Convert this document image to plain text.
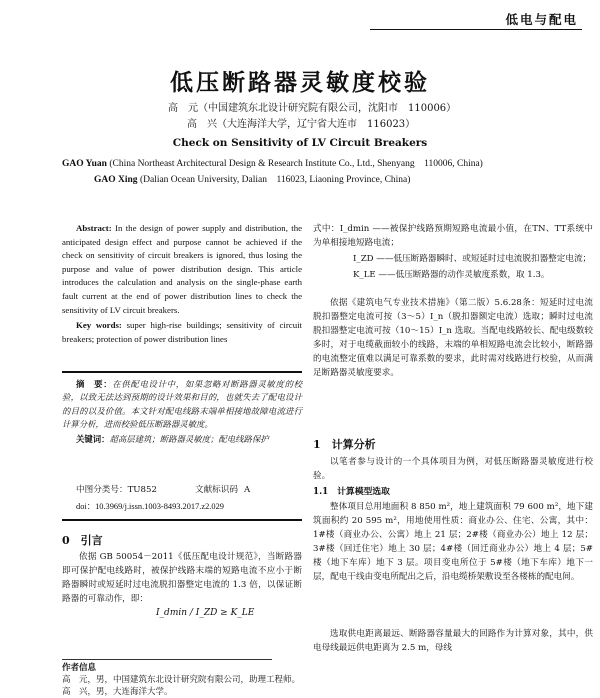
低电与配电
低压断路器灵敏度校验
高　元（中国建筑东北设计研究院有限公司，沈阳市　110006）
高　兴（大连海洋大学，辽宁省大连市　116023）
Check on Sensitivity of LV Circuit Breakers
GAO Yuan (China Northeast Architectural Design & Research Institute Co., Ltd., Shenyang　110006, China)
GAO Xing (Dalian Ocean University, Dalian　116023, Liaoning Province, China)

Abstract: In the design of power supply and distribution, the anticipated design effect and purpose cannot be achieved if the check on sensitivity of circuit breakers is ignored, thus losing the purpose and value of power distribution design. This article introduces the calculation and analysis on the single-phase earth fault current at the end of power distribution lines to check the sensitivity of LV circuit breakers.

Key words: super high-rise buildings; sensitivity of circuit breakers; protection of power distribution lines

摘　要：在供配电设计中，如果忽略对断路器灵敏度的校验，以致无法达到预期的设计效果和目的，也就失去了配电设计的目的以及价值。本文针对配电线路末端单相接地故障电流进行计算分析，进而校验低压断路器灵敏度。

关键词：超高层建筑；断路器灵敏度；配电线路保护

中图分类号：TU852	文献标识码 A
doi：10.3969/j.issn.1003-8493.2017.z2.029
0　引言
依据 GB 50054－2011《低压配电设计规范》，当断路器即可保护配电线路时，被保护线路末端的短路电流不应小于断路器瞬时或短延时过电流脱扣器整定电流的 1.3 倍，以保证断路器的可靠动作，即：
I_dmin / I_ZD ≥ K_LE

式中：I_dmin ——被保护线路预期短路电流最小值，在TN、TT系统中为单相接地短路电流；

I_ZD ——低压断路器瞬时、或短延时过电流脱扣器整定电流；

K_LE ——低压断路器的动作灵敏度系数，取 1.3。

依据《建筑电气专业技术措施》（第二版）5.6.28条：短延时过电流脱扣器整定电流可按（3～5）I_n（脱扣器额定电流）选取；瞬时过电流脱扣器整定电流可按（10～15）I_n 选取。当配电线路较长、配电级数较多时，对于电缆截面较小的线路，末端的单相短路电流会比较小，断路器的电流整定值难以满足可靠系数的要求，此时需对线路进行校验，从而满足断路器灵敏度要求。
1　计算分析
以笔者参与设计的一个具体项目为例，对低压断路器灵敏度进行校验。
1.1　计算模型选取
整体项目总用地面积 8 850 m²，地上建筑面积 79 600 m²，地下建筑面积约 20 595 m²，用地使用性质：商业办公、住宅、公寓，其中：1#楼（商业办公、公寓）地上 21 层；2#楼（商业办公）地上 12 层；3#楼（回迁住宅）地上 30 层；4#楼（回迁商业办公）地上 4 层；5#楼（地下车库）地下 3 层。项目变电所位于 5#楼（地下车库）地下一层，配电干线由变电所配出之后，沿电缆桥架敷设至各楼栋的配电间。
选取供电距离最远、断路器容量最大的回路作为计算对象，其中，供电母线最远供电距离为 2.5 m，母线
作者信息
高　元，男，中国建筑东北设计研究院有限公司，助理工程师。
高　兴，男，大连海洋大学。
